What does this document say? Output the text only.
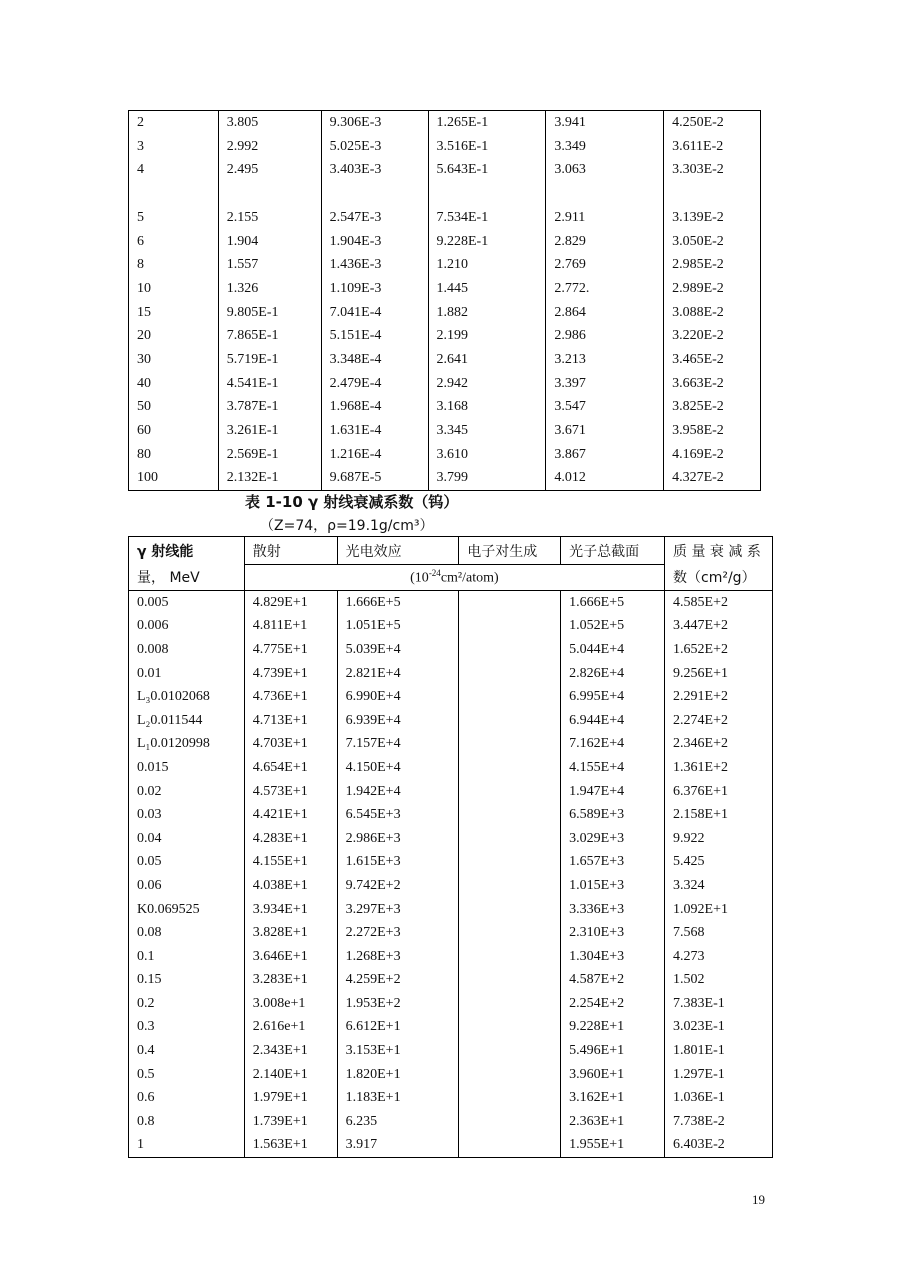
2	3.805	9.306E-3	1.265E-1	3.941	4.250E-2
3	2.992	5.025E-3	3.516E-1	3.349	3.611E-2
4	2.495	3.403E-3	5.643E-1	3.063	3.303E-2

5	2.155	2.547E-3	7.534E-1	2.911	3.139E-2
6	1.904	1.904E-3	9.228E-1	2.829	3.050E-2
8	1.557	1.436E-3	1.210	2.769	2.985E-2
10	1.326	1.109E-3	1.445	2.772.	2.989E-2
15	9.805E-1	7.041E-4	1.882	2.864	3.088E-2
20	7.865E-1	5.151E-4	2.199	2.986	3.220E-2
30	5.719E-1	3.348E-4	2.641	3.213	3.465E-2
40	4.541E-1	2.479E-4	2.942	3.397	3.663E-2
50	3.787E-1	1.968E-4	3.168	3.547	3.825E-2
60	3.261E-1	1.631E-4	3.345	3.671	3.958E-2
80	2.569E-1	1.216E-4	3.610	3.867	4.169E-2
100	2.132E-1	9.687E-5	3.799	4.012	4.327E-2
表 1-10 γ 射线衰减系数（钨）
（Z=74，ρ=19.1g/cm³）
γ 射线能	散射	光电效应	电子对生成	光子总截面	质 量 衰 减 系
量， MeV	$(10^{-24}cm^2/atom)$				数（cm²/g）
0.005	4.829E+1	1.666E+5		1.666E+5	4.585E+2
0.006	4.811E+1	1.051E+5		1.052E+5	3.447E+2
0.008	4.775E+1	5.039E+4		5.044E+4	1.652E+2
0.01	4.739E+1	2.821E+4		2.826E+4	9.256E+1
L₃0.0102068	4.736E+1	6.990E+4		6.995E+4	2.291E+2
L₂0.011544	4.713E+1	6.939E+4		6.944E+4	2.274E+2
L₁0.0120998	4.703E+1	7.157E+4		7.162E+4	2.346E+2
0.015	4.654E+1	4.150E+4		4.155E+4	1.361E+2
0.02	4.573E+1	1.942E+4		1.947E+4	6.376E+1
0.03	4.421E+1	6.545E+3		6.589E+3	2.158E+1
0.04	4.283E+1	2.986E+3		3.029E+3	9.922
0.05	4.155E+1	1.615E+3		1.657E+3	5.425
0.06	4.038E+1	9.742E+2		1.015E+3	3.324
K0.069525	3.934E+1	3.297E+3		3.336E+3	1.092E+1
0.08	3.828E+1	2.272E+3		2.310E+3	7.568
0.1	3.646E+1	1.268E+3		1.304E+3	4.273
0.15	3.283E+1	4.259E+2		4.587E+2	1.502
0.2	3.008e+1	1.953E+2		2.254E+2	7.383E-1
0.3	2.616e+1	6.612E+1		9.228E+1	3.023E-1
0.4	2.343E+1	3.153E+1		5.496E+1	1.801E-1
0.5	2.140E+1	1.820E+1		3.960E+1	1.297E-1
0.6	1.979E+1	1.183E+1		3.162E+1	1.036E-1
0.8	1.739E+1	6.235		2.363E+1	7.738E-2
1	1.563E+1	3.917		1.955E+1	6.403E-2
19
